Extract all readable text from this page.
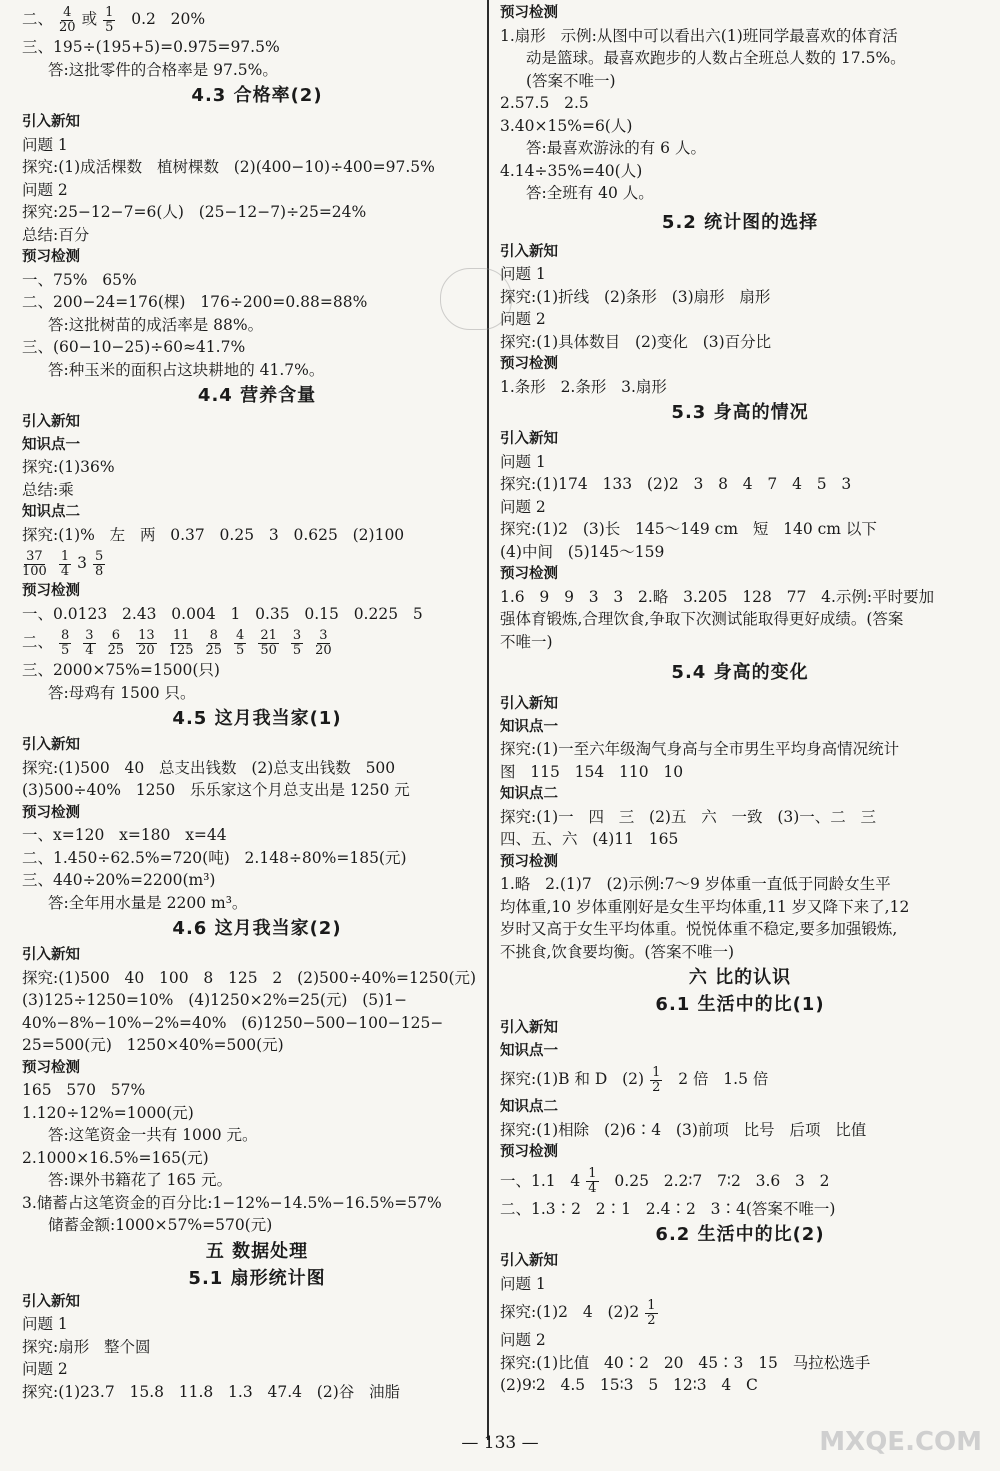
二、 $\frac{4}{20}$ 或 $\frac{1}{5} 0.2$   20%
三、195÷(195+5)=0.975=97.5%
答:这批零件的合格率是 97.5%。
4.3 合格率(2)
引入新知
问题 1
探究:(1)成活棵数   植树棵数   (2)(400−10)÷400=97.5%
问题 2
探究:25−12−7=6(人)   (25−12−7)÷25=24%
总结:百分
预习检测
一、75%   65%
二、200−24=176(棵)   176÷200=0.88=88%
答:这批树苗的成活率是 88%。
三、(60−10−25)÷60≈41.7%
答:种玉米的面积占这块耕地的 41.7%。
4.4 营养含量
引入新知
知识点一
探究:(1)36%
总结:乘
知识点二
探究:(1)%   左   两   0.37   0.25   3   0.625   (2)100
$\frac{37}{100} \frac{1}{4} 3 \frac{5}{8}$
预习检测
一、0.0123   2.43   0.004   1   0.35   0.15   0.225   5
二、 $\frac{8}{5} \frac{3}{4} \frac{6}{25} \frac{13}{20} \frac{11}{125} \frac{8}{25} \frac{4}{5} \frac{21}{50} \frac{3}{5} \frac{3}{20}$
三、2000×75%=1500(只)
答:母鸡有 1500 只。
4.5 这月我当家(1)
引入新知
探究:(1)500   40   总支出钱数   (2)总支出钱数   500
(3)500÷40%   1250   乐乐家这个月总支出是 1250 元
预习检测
一、x=120   x=180   x=44
二、1.450÷62.5%=720(吨)   2.148÷80%=185(元)
三、440÷20%=2200(m³)
答:全年用水量是 2200 m³。
4.6 这月我当家(2)
引入新知
探究:(1)500   40   100   8   125   2   (2)500÷40%=1250(元)
(3)125÷1250=10%   (4)1250×2%=25(元)   (5)1−
40%−8%−10%−2%=40%   (6)1250−500−100−125−
25=500(元)   1250×40%=500(元)
预习检测
165   570   57%
1.120÷12%=1000(元)
答:这笔资金一共有 1000 元。
2.1000×16.5%=165(元)
答:课外书籍花了 165 元。
3.储蓄占这笔资金的百分比:1−12%−14.5%−16.5%=57%
储蓄金额:1000×57%=570(元)
五 数据处理
5.1 扇形统计图
引入新知
问题 1
探究:扇形   整个圆
问题 2
探究:(1)23.7   15.8   11.8   1.3   47.4   (2)谷   油脂
预习检测
1.扇形   示例:从图中可以看出六(1)班同学最喜欢的体育活
动是篮球。最喜欢跑步的人数占全班总人数的 17.5%。
(答案不唯一)
2.57.5   2.5
3.40×15%=6(人)
答:最喜欢游泳的有 6 人。
4.14÷35%=40(人)
答:全班有 40 人。
5.2 统计图的选择
引入新知
问题 1
探究:(1)折线   (2)条形   (3)扇形   扇形
问题 2
探究:(1)具体数目   (2)变化   (3)百分比
预习检测
1.条形   2.条形   3.扇形
5.3 身高的情况
引入新知
问题 1
探究:(1)174   133   (2)2   3   8   4   7   4   5   3
问题 2
探究:(1)2   (3)长   145～149 cm   短   140 cm 以下
(4)中间   (5)145～159
预习检测
1.6   9   9   3   3   2.略   3.205   128   77   4.示例:平时要加
强体育锻炼,合理饮食,争取下次测试能取得更好成绩。(答案
不唯一)
5.4 身高的变化
引入新知
知识点一
探究:(1)一至六年级淘气身高与全市男生平均身高情况统计
图   115   154   110   10
知识点二
探究:(1)一   四   三   (2)五   六   一致   (3)一、二   三
四、五、六   (4)11   165
预习检测
1.略   2.(1)7   (2)示例:7～9 岁体重一直低于同龄女生平
均体重,10 岁体重刚好是女生平均体重,11 岁又降下来了,12
岁时又高于女生平均体重。悦悦体重不稳定,要多加强锻炼,
不挑食,饮食要均衡。(答案不唯一)
六 比的认识
6.1 生活中的比(1)
引入新知
知识点一
探究:(1)B 和 D   $(2) \frac{1}{2} 2$ 倍   1.5 倍
知识点二
探究:(1)相除   (2)6∶4   (3)前项   比号   后项   比值
预习检测
一、1.1   $4 \frac{1}{4} 0.25$   2.2∶7   7∶2   3.6   3   2
二、1.3∶2   2∶1   2.4∶2   3∶4(答案不唯一)
6.2 生活中的比(2)
引入新知
问题 1
探究:(1)2   4   $(2)2 \frac{1}{2}$
问题 2
探究:(1)比值   40∶2   20   45∶3   15   马拉松选手
(2)9∶2   4.5   15∶3   5   12∶3   4   C
— 133 —	MXQE.COM
